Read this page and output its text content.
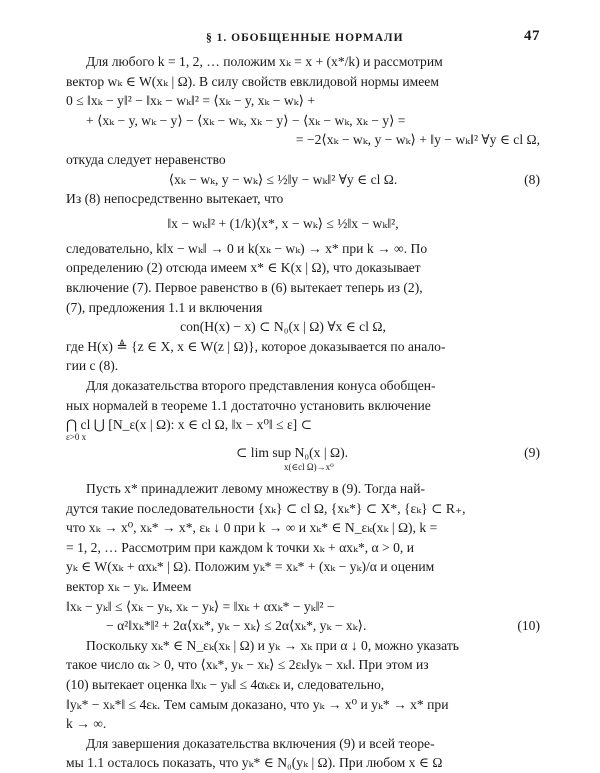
§ 1. ОБОБЩЕННЫЕ НОРМАЛИ	47
Для любого k = 1, 2, … положим xₖ = x + (x*/k) и рассмотрим
вектор wₖ ∈ W(xₖ | Ω). В силу свойств евклидовой нормы имеем
0 ≤ ‖xₖ − y‖² − ‖xₖ − wₖ‖² = ⟨xₖ − y, xₖ − wₖ⟩ +
+ ⟨xₖ − y, wₖ − y⟩ − ⟨xₖ − wₖ, xₖ − y⟩ − ⟨xₖ − wₖ, xₖ − y⟩ =
= −2⟨xₖ − wₖ, y − wₖ⟩ + ‖y − wₖ‖² ∀y ∈ cl Ω,
откуда следует неравенство
⟨xₖ − wₖ, y − wₖ⟩ ≤ ½‖y − wₖ‖² ∀y ∈ cl Ω.	(8)
Из (8) непосредственно вытекает, что
‖x − wₖ‖² + (1/k)⟨x*, x − wₖ⟩ ≤ ½‖x − wₖ‖²,
следовательно, k‖x − wₖ‖ → 0 и k(xₖ − wₖ) → x* при k → ∞. По
определению (2) отсюда имеем x* ∈ K(x | Ω), что доказывает
включение (7). Первое равенство в (6) вытекает теперь из (2),
(7), предложения 1.1 и включения
con(H(x) − x) ⊂ N₀(x | Ω) ∀x ∈ cl Ω,
где H(x) ≜ {z ∈ X, x ∈ W(z | Ω)}, которое доказывается по анало-
гии с (8).
Для доказательства второго представления конуса обобщен-
ных нормалей в теореме 1.1 достаточно установить включение
⋂ cl ⋃ [N_ε(x | Ω): x ∈ cl Ω, ‖x − x⁰‖ ≤ ε] ⊂
ε>0 x
⊂ lim sup N₀(x | Ω).	(9)
x(∈cl Ω)→x⁰
Пусть x* принадлежит левому множеству в (9). Тогда най-
дутся такие последовательности {xₖ} ⊂ cl Ω, {xₖ*} ⊂ X*, {εₖ} ⊂ R₊,
что xₖ → x⁰, xₖ* → x*, εₖ ↓ 0 при k → ∞ и xₖ* ∈ N_εₖ(xₖ | Ω), k =
= 1, 2, … Рассмотрим при каждом k точки xₖ + αxₖ*, α > 0, и
yₖ ∈ W(xₖ + αxₖ* | Ω). Положим yₖ* = xₖ* + (xₖ − yₖ)/α и оценим
вектор xₖ − yₖ. Имеем
‖xₖ − yₖ‖ ≤ ⟨xₖ − yₖ, xₖ − yₖ⟩ = ‖xₖ + αxₖ* − yₖ‖² −
− α²‖xₖ*‖² + 2α⟨xₖ*, yₖ − xₖ⟩ ≤ 2α⟨xₖ*, yₖ − xₖ⟩.	(10)
Поскольку xₖ* ∈ N_εₖ(xₖ | Ω) и yₖ → xₖ при α ↓ 0, можно указать
такое число αₖ > 0, что ⟨xₖ*, yₖ − xₖ⟩ ≤ 2εₖ‖yₖ − xₖ‖. При этом из
(10) вытекает оценка ‖xₖ − yₖ‖ ≤ 4αₖεₖ и, следовательно,
‖yₖ* − xₖ*‖ ≤ 4εₖ. Тем самым доказано, что yₖ → x⁰ и yₖ* → x* при
k → ∞.
Для завершения доказательства включения (9) и всей теоре-
мы 1.1 осталось показать, что yₖ* ∈ N₀(yₖ | Ω). При любом x ∈ Ω
